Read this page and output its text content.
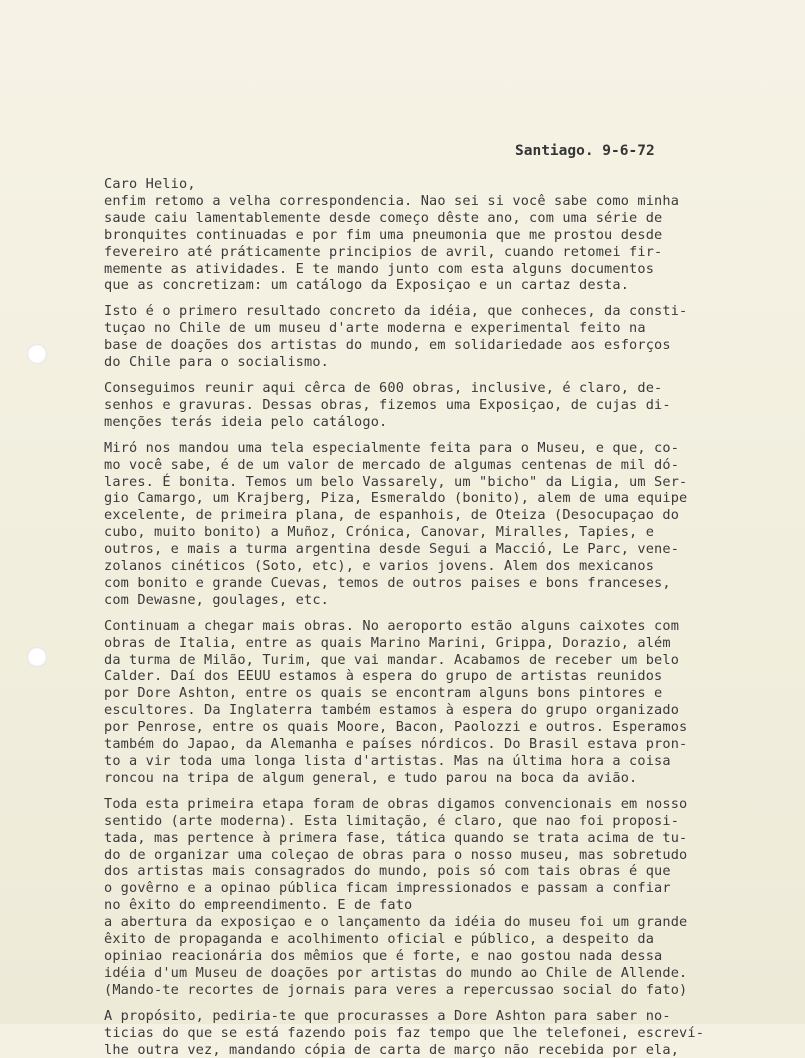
Santiago. 9-6-72
Caro Helio,
enfim retomo a velha correspondencia. Nao sei si você sabe como minha
saude caiu lamentablemente desde começo dêste ano, com uma série de
bronquites continuadas e por fim uma pneumonia que me prostou desde
fevereiro até práticamente principios de avril, cuando retomei fir-
memente as atividades. E te mando junto com esta alguns documentos
que as concretizam: um catálogo da Exposiçao e un cartaz desta.
Isto é o primero resultado concreto da idéia, que conheces, da consti-
tuçao no Chile de um museu d'arte moderna e experimental feito na
base de doações dos artistas do mundo, em solidariedade aos esforços
do Chile para o socialismo.
Conseguimos reunir aqui cêrca de 600 obras, inclusive, é claro, de-
senhos e gravuras. Dessas obras, fizemos uma Exposiçao, de cujas di-
menções terás ideia pelo catálogo.
Miró nos mandou uma tela especialmente feita para o Museu, e que, co-
mo você sabe, é de um valor de mercado de algumas centenas de mil dó-
lares. É bonita. Temos um belo Vassarely, um "bicho" da Ligia, um Ser-
gio Camargo, um Krajberg, Piza, Esmeraldo (bonito), alem de uma equipe
excelente, de primeira plana, de espanhois, de Oteiza (Desocupaçao do
cubo, muito bonito) a Muñoz, Crónica, Canovar, Miralles, Tapies, e
outros, e mais a turma argentina desde Segui a Macció, Le Parc, vene-
zolanos cinéticos (Soto, etc), e varios jovens. Alem dos mexicanos
com bonito e grande Cuevas, temos de outros paises e bons franceses,
com Dewasne, goulages, etc.
Continuam a chegar mais obras. No aeroporto estão alguns caixotes com
obras de Italia, entre as quais Marino Marini, Grippa, Dorazio, além
da turma de Milão, Turim, que vai mandar. Acabamos de receber um belo
Calder. Daí dos EEUU estamos à espera do grupo de artistas reunidos
por Dore Ashton, entre os quais se encontram alguns bons pintores e
escultores. Da Inglaterra também estamos à espera do grupo organizado
por Penrose, entre os quais Moore, Bacon, Paolozzi e outros. Esperamos
também do Japao, da Alemanha e países nórdicos. Do Brasil estava pron-
to a vir toda uma longa lista d'artistas. Mas na última hora a coisa
roncou na tripa de algum general, e tudo parou na boca da avião.
Toda esta primeira etapa foram de obras digamos convencionais em nosso
sentido (arte moderna). Esta limitação, é claro, que nao foi proposi-
tada, mas pertence à primera fase, tática quando se trata acima de tu-
do de organizar uma coleçao de obras para o nosso museu, mas sobretudo
dos artistas mais consagrados do mundo, pois só com tais obras é que
o govêrno e a opinao pública ficam impressionados e passam a confiar
no êxito do empreendimento. E de fato
a abertura da exposiçao e o lançamento da idéia do museu foi um grande
êxito de propaganda e acolhimento oficial e público, a despeito da
opiniao reacionária dos mêmios que é forte, e nao gostou nada dessa
idéia d'um Museu de doações por artistas do mundo ao Chile de Allende.
(Mando-te recortes de jornais para veres a repercussao social do fato)
A propósito, pediria-te que procurasses a Dore Ashton para saber no-
ticias do que se está fazendo pois faz tempo que lhe telefonei, escreví-
lhe outra vez, mandando cópia de carta de março não recebida por ela,
